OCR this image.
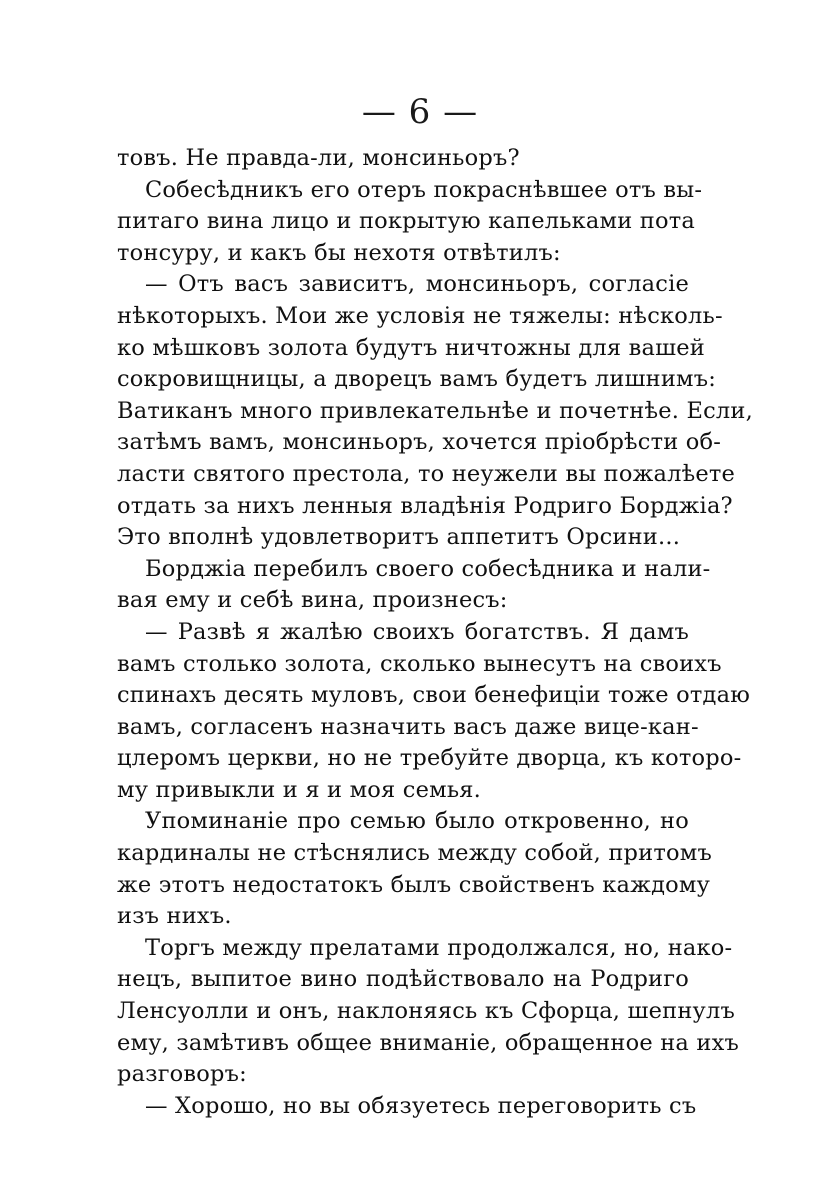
— 6 —
товъ. Не правда-ли, монсиньоръ?
Собесѣдникъ его отеръ покраснѣвшее отъ вы-
питаго вина лицо и покрытую капельками пота
тонсуру, и какъ бы нехотя отвѣтилъ:
— Отъ васъ зависитъ, монсиньоръ, согласіе
нѣкоторыхъ. Мои же условія не тяжелы: нѣсколь-
ко мѣшковъ золота будутъ ничтожны для вашей
сокровищницы, а дворецъ вамъ будетъ лишнимъ:
Ватиканъ много привлекательнѣе и почетнѣе. Если,
затѣмъ вамъ, монсиньоръ, хочется пріобрѣсти об-
ласти святого престола, то неужели вы пожалѣете
отдать за нихъ ленныя владѣнія Родриго Борджіа?
Это вполнѣ удовлетворитъ аппетитъ Орсини...
Борджіа перебилъ своего собесѣдника и нали-
вая ему и себѣ вина, произнесъ:
— Развѣ я жалѣю своихъ богатствъ. Я дамъ
вамъ столько золота, сколько вынесутъ на своихъ
спинахъ десять муловъ, свои бенефиціи тоже отдаю
вамъ, согласенъ назначить васъ даже вице-кан-
цлеромъ церкви, но не требуйте дворца, къ которо-
му привыкли и я и моя семья.
Упоминаніе про семью было откровенно, но
кардиналы не стѣснялись между собой, притомъ
же этотъ недостатокъ былъ свойственъ каждому
изъ нихъ.
Торгъ между прелатами продолжался, но, нако-
нецъ, выпитое вино подѣйствовало на Родриго
Ленсуолли и онъ, наклоняясь къ Сфорца, шепнулъ
ему, замѣтивъ общее вниманіе, обращенное на ихъ
разговоръ:
— Хорошо, но вы обязуетесь переговорить съ
